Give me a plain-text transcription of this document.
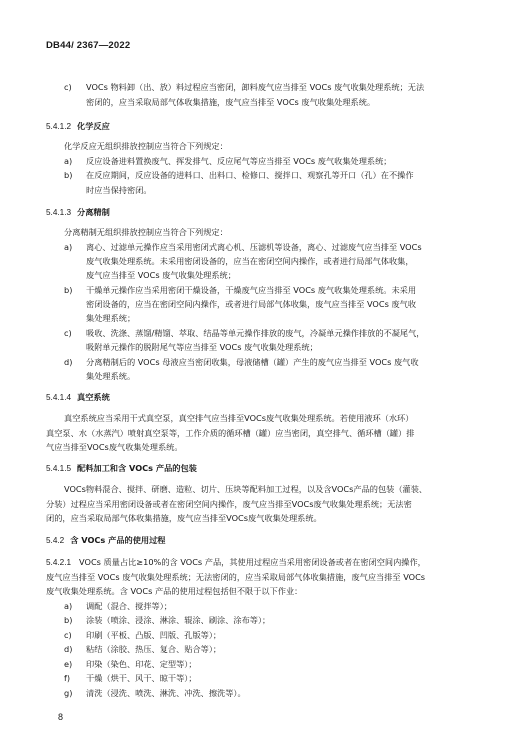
DB44/ 2367—2022
c) VOCs 物料卸（出、放）料过程应当密闭，卸料废气应当排至 VOCs 废气收集处理系统；无法
密闭的，应当采取局部气体收集措施，废气应当排至 VOCs 废气收集处理系统。
5.4.1.2 化学反应
化学反应无组织排放控制应当符合下列规定：
a) 反应设备进料置换废气、挥发排气、反应尾气等应当排至 VOCs 废气收集处理系统；
b) 在反应期间，反应设备的进料口、出料口、检修口、搅拌口、观察孔等开口（孔）在不操作
时应当保持密闭。
5.4.1.3 分离精制
分离精制无组织排放控制应当符合下列规定：
a) 离心、过滤单元操作应当采用密闭式离心机、压滤机等设备，离心、过滤废气应当排至 VOCs
废气收集处理系统。未采用密闭设备的，应当在密闭空间内操作，或者进行局部气体收集，
废气应当排至 VOCs 废气收集处理系统；
b) 干燥单元操作应当采用密闭干燥设备，干燥废气应当排至 VOCs 废气收集处理系统。未采用
密闭设备的，应当在密闭空间内操作，或者进行局部气体收集，废气应当排至 VOCs 废气收
集处理系统；
c) 吸收、洗涤、蒸馏/精馏、萃取、结晶等单元操作排放的废气，冷凝单元操作排放的不凝尾气，
吸附单元操作的脱附尾气等应当排至 VOCs 废气收集处理系统；
d) 分离精制后的 VOCs 母液应当密闭收集，母液储槽（罐）产生的废气应当排至 VOCs 废气收
集处理系统。
5.4.1.4 真空系统
真空系统应当采用干式真空泵，真空排气应当排至VOCs废气收集处理系统。若使用液环（水环）
真空泵、水（水蒸汽）喷射真空泵等，工作介质的循环槽（罐）应当密闭，真空排气、循环槽（罐）排
气应当排至VOCs废气收集处理系统。
5.4.1.5 配料加工和含 VOCs 产品的包装
VOCs物料混合、搅拌、研磨、造粒、切片、压块等配料加工过程，以及含VOCs产品的包装（灌装、
分装）过程应当采用密闭设备或者在密闭空间内操作，废气应当排至VOCs废气收集处理系统；无法密
闭的，应当采取局部气体收集措施，废气应当排至VOCs废气收集处理系统。
5.4.2 含 VOCs 产品的使用过程
5.4.2.1 VOCs 质量占比≥10%的含 VOCs 产品，其使用过程应当采用密闭设备或者在密闭空间内操作，
废气应当排至 VOCs 废气收集处理系统；无法密闭的，应当采取局部气体收集措施，废气应当排至 VOCs
废气收集处理系统。含 VOCs 产品的使用过程包括但不限于以下作业：
a) 调配（混合、搅拌等）；
b) 涂装（喷涂、浸涂、淋涂、辊涂、刷涂、涂布等）；
c) 印刷（平板、凸版、凹版、孔版等）；
d) 粘结（涂胶、热压、复合、贴合等）；
e) 印染（染色、印花、定型等）；
f) 干燥（烘干、风干、晾干等）；
g) 清洗（浸洗、喷洗、淋洗、冲洗、擦洗等）。
8
